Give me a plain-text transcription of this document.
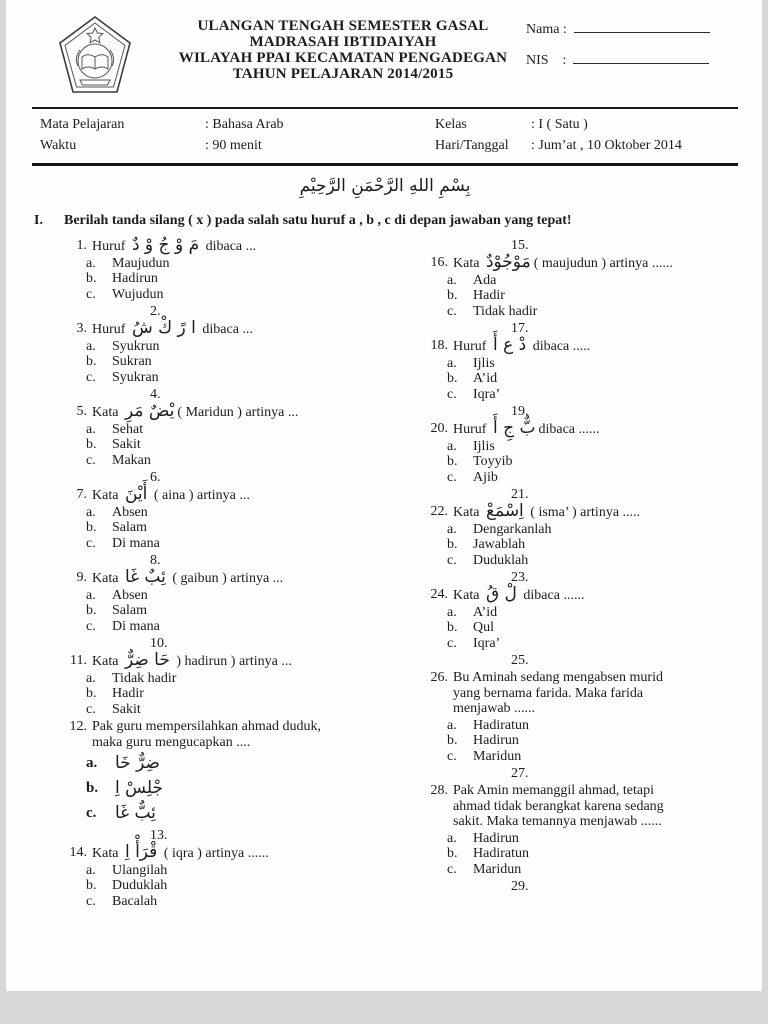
ULANGAN TENGAH SEMESTER GASAL
MADRASAH IBTIDAIYAH
WILAYAH PPAI KECAMATAN PENGADEGAN
TAHUN PELAJARAN 2014/2015
Nama :
NIS    :
Mata Pelajaran	: Bahasa Arab	Kelas	: I ( Satu )
Waktu	: 90 menit	Hari/Tanggal	: Jum’at , 10 Oktober 2014
بِسْمِ اللهِ الرَّحْمَنِ الرَّحِيْمِ
I.	Berilah tanda silang ( x ) pada salah satu huruf a , b , c di depan jawaban yang tepat!
1. Huruf دٌ‎ وْ‎ جُ‎ وْ‎ مَ dibaca ...
a.	Maujudun
b.	Hadirun
c.	Wujudun
2.
3. Huruf شُ‎ كْ‎ رً‎ ا dibaca ...
a.	Syukrun
b.	Sukran
c.	Syukran
4.
5. Kata مَرِ‎ يْضٌ ( Maridun ) artinya ...
a.	Sehat
b.	Sakit
c.	Makan
6.
7. Kata أَيْنَ ( aina ) artinya ...
a.	Absen
b.	Salam
c.	Di mana
8.
9. Kata غَا‎ ئِبٌ ( gaibun ) artinya ...
a.	Absen
b.	Salam
c.	Di mana
10.
11. Kata ضِرٌّ‎ حَا ) hadirun ) artinya ...
a.	Tidak hadir
b.	Hadir
c.	Sakit
12. Pak guru mempersilahkan ahmad duduk, maka guru mengucapkan ....
a.	خَا‎ ضِرٌّ
b. اِ‎ جْلِسْ
c.	غَا‎ ئِبٌّ
13.
14. Kata اِ‎ قْرَأْ ( iqra ) artinya ......
a.	Ulangilah
b.	Duduklah
c.	Bacalah
15.
16. Kata مَوْجُوْدٌ ( maujudun ) artinya ......
a.	Ada
b.	Hadir
c.	Tidak hadir
17.
18. Huruf أَ‎ ع‎ دْ dibaca .....
a.	Ijlis
b.	A’id
c.	Iqra’
19.
20. Huruf أَ‎ جِ‎ بٌّ dibaca ......
a.	Ijlis
b.	Toyyib
c.	Ajib
21.
22. Kata اِسْمَعْ ( isma’ ) artinya .....
a.	Dengarkanlah
b.	Jawablah
c.	Duduklah
23.
24. Kata قُ‎ لْ dibaca ......
a.	A’id
b.	Qul
c.	Iqra’
25.
26. Bu Aminah sedang mengabsen murid yang bernama farida. Maka farida menjawab ......
a.	Hadiratun
b.	Hadirun
c.	Maridun
27.
28. Pak Amin memanggil ahmad, tetapi ahmad tidak berangkat karena sedang sakit. Maka temannya menjawab ......
a.	Hadirun
b.	Hadiratun
c.	Maridun
29.
